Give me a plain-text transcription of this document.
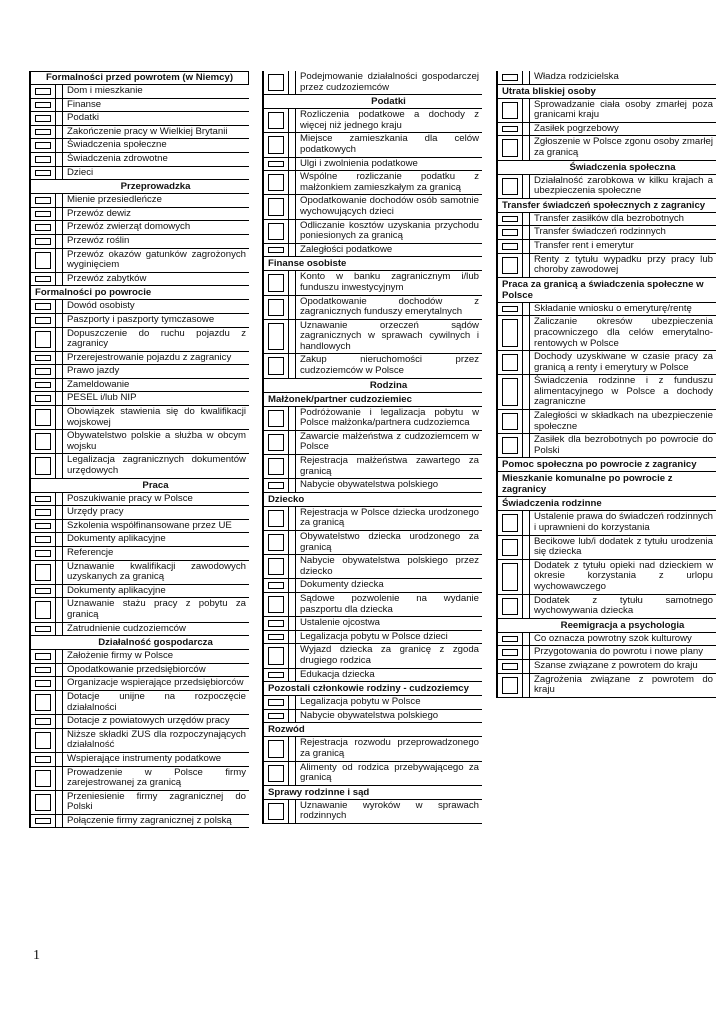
Formalności przed powrotem (w Niemcy)
Dom i mieszkanie
Finanse
Podatki
Zakończenie pracy w Wielkiej Brytanii
Świadczenia społeczne
Świadczenia zdrowotne
Dzieci
Przeprowadzka
Mienie przesiedleńcze
Przewóz dewiz
Przewóz zwierząt domowych
Przewóz roślin
Przewóz okazów gatunków zagrożonych wyginięciem
Przewóz zabytków
Formalności po powrocie
Dowód osobisty
Paszporty i paszporty tymczasowe
Dopuszczenie do ruchu pojazdu z zagranicy
Przerejestrowanie pojazdu z zagranicy
Prawo jazdy
Zameldowanie
PESEL i/lub NIP
Obowiązek stawienia się do kwalifikacji wojskowej
Obywatelstwo polskie a służba w obcym wojsku
Legalizacja zagranicznych dokumentów urzędowych
Praca
Poszukiwanie pracy w Polsce
Urzędy pracy
Szkolenia współfinansowane przez UE
Dokumenty aplikacyjne
Referencje
Uznawanie kwalifikacji zawodowych uzyskanych za granicą
Dokumenty aplikacyjne
Uznawanie stażu pracy z pobytu za granicą
Zatrudnienie cudzoziemców
Działalność gospodarcza
Założenie firmy w Polsce
Opodatkowanie przedsiębiorców
Organizacje wspierające przedsiębiorców
Dotacje unijne na rozpoczęcie działalności
Dotacje z powiatowych urzędów pracy
Niższe składki ZUS dla rozpoczynających działalność
Wspierające instrumenty podatkowe
Prowadzenie w Polsce firmy zarejestrowanej za granicą
Przeniesienie firmy zagranicznej do Polski
Połączenie firmy zagranicznej z polską
Podejmowanie działalności gospodarczej przez cudzoziemców
Podatki
Rozliczenia podatkowe a dochody z więcej niż jednego kraju
Miejsce zamieszkania dla celów podatkowych
Ulgi i zwolnienia podatkowe
Wspólne rozliczanie podatku z małżonkiem zamieszkałym za granicą
Opodatkowanie dochodów osób samotnie wychowujących dzieci
Odliczanie kosztów uzyskania przychodu poniesionych za granicą
Zaległości podatkowe
Finanse osobiste
Konto w banku zagranicznym i/lub funduszu inwestycyjnym
Opodatkowanie dochodów z zagranicznych funduszy emerytalnych
Uznawanie orzeczeń sądów zagranicznych w sprawach cywilnych i handlowych
Zakup nieruchomości przez cudzoziemców w Polsce
Rodzina
Małżonek/partner cudzoziemiec
Podróżowanie i legalizacja pobytu w Polsce małżonka/partnera cudzoziemca
Zawarcie małżeństwa z cudzoziemcem w Polsce
Rejestracja małżeństwa zawartego za granicą
Nabycie obywatelstwa polskiego
Dziecko
Rejestracja w Polsce dziecka urodzonego za granicą
Obywatelstwo dziecka urodzonego za granicą
Nabycie obywatelstwa polskiego przez dziecko
Dokumenty dziecka
Sądowe pozwolenie na wydanie paszportu dla dziecka
Ustalenie ojcostwa
Legalizacja pobytu w Polsce dzieci
Wyjazd dziecka za granicę z zgoda drugiego rodzica
Edukacja dziecka
Pozostali członkowie rodziny - cudzoziemcy
Legalizacja pobytu w Polsce
Nabycie obywatelstwa polskiego
Rozwód
Rejestracja rozwodu przeprowadzonego za granicą
Alimenty od rodzica przebywającego za granicą
Sprawy rodzinne i sąd
Uznawanie wyroków w sprawach rodzinnych
Władza rodzicielska
Utrata bliskiej osoby
Sprowadzanie ciała osoby zmarłej poza granicami kraju
Zasiłek pogrzebowy
Zgłoszenie w Polsce zgonu osoby zmarłej za granicą
Świadczenia społeczna
Działalność zarobkowa w kilku krajach a ubezpieczenia społeczne
Transfer świadczeń społecznych z zagranicy
Transfer zasiłków dla bezrobotnych
Transfer świadczeń rodzinnych
Transfer rent i emerytur
Renty z tytułu wypadku przy pracy lub choroby zawodowej
Praca za granicą a świadczenia społeczne w Polsce
Składanie wniosku o emeryturę/rentę
Zaliczanie okresów ubezpieczenia pracowniczego dla celów emerytalno-rentowych w Polsce
Dochody uzyskiwane w czasie pracy za granicą a renty i emerytury w Polsce
Świadczenia rodzinne i z funduszu alimentacyjnego w Polsce a dochody zagraniczne
Zaległości w składkach na ubezpieczenie społeczne
Zasiłek dla bezrobotnych po powrocie do Polski
Pomoc społeczna po powrocie z zagranicy
Mieszkanie komunalne po powrocie z zagranicy
Świadczenia rodzinne
Ustalenie prawa do świadczeń rodzinnych i uprawnieni do korzystania
Becikowe lub/i dodatek z tytułu urodzenia się dziecka
Dodatek z tytułu opieki nad dzieckiem w okresie korzystania z urlopu wychowawczego
Dodatek z tytułu samotnego wychowywania dziecka
Reemigracja a psychologia
Co oznacza powrotny szok kulturowy
Przygotowania do powrotu i nowe plany
Szanse związane z powrotem do kraju
Zagrożenia związane z powrotem do kraju
1
